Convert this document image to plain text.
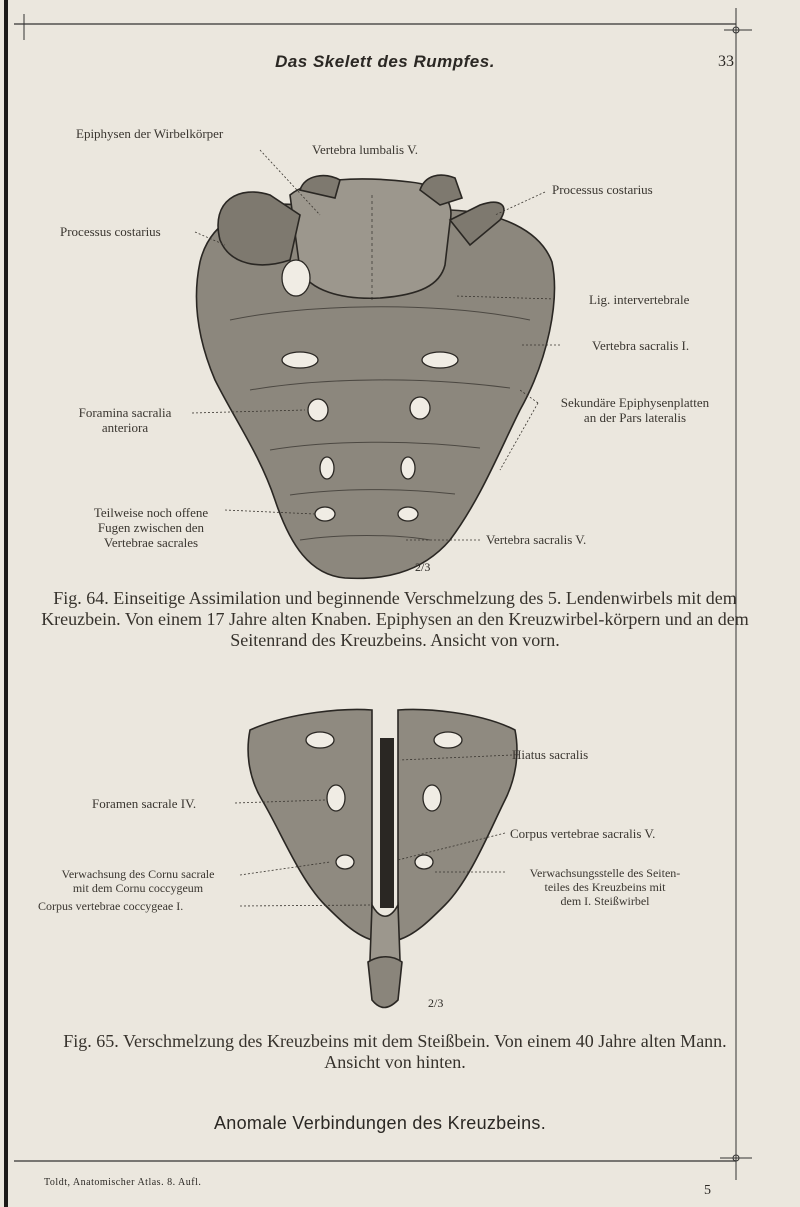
Das Skelett des Rumpfes.	33
Epiphysen der Wirbelkörper
Vertebra lumbalis V.
Processus costarius
Processus costarius
Lig. intervertebrale
Vertebra sacralis I.
Sekundäre Epiphysenplatten
an der Pars lateralis
Foramina sacralia
anteriora
Teilweise noch offene
Fugen zwischen den
Vertebrae sacrales	Vertebra sacralis V.
2/3
Fig. 64. Einseitige Assimilation und beginnende Verschmelzung des 5. Lendenwirbels mit dem Kreuzbein. Von einem 17 Jahre alten Knaben. Epiphysen an den Kreuzwirbel-körpern und an dem Seitenrand des Kreuzbeins. Ansicht von vorn.
Hiatus sacralis
Foramen sacrale IV.
Corpus vertebrae sacralis V.
Verwachsung des Cornu sacrale
mit dem Cornu coccygeum
Corpus vertebrae coccygeae I.
Verwachsungsstelle des Seiten-
teiles des Kreuzbeins mit
dem I. Steißwirbel
2/3
Fig. 65. Verschmelzung des Kreuzbeins mit dem Steißbein. Von einem 40 Jahre alten Mann. Ansicht von hinten.
Anomale Verbindungen des Kreuzbeins.
Toldt, Anatomischer Atlas. 8. Aufl.
5
